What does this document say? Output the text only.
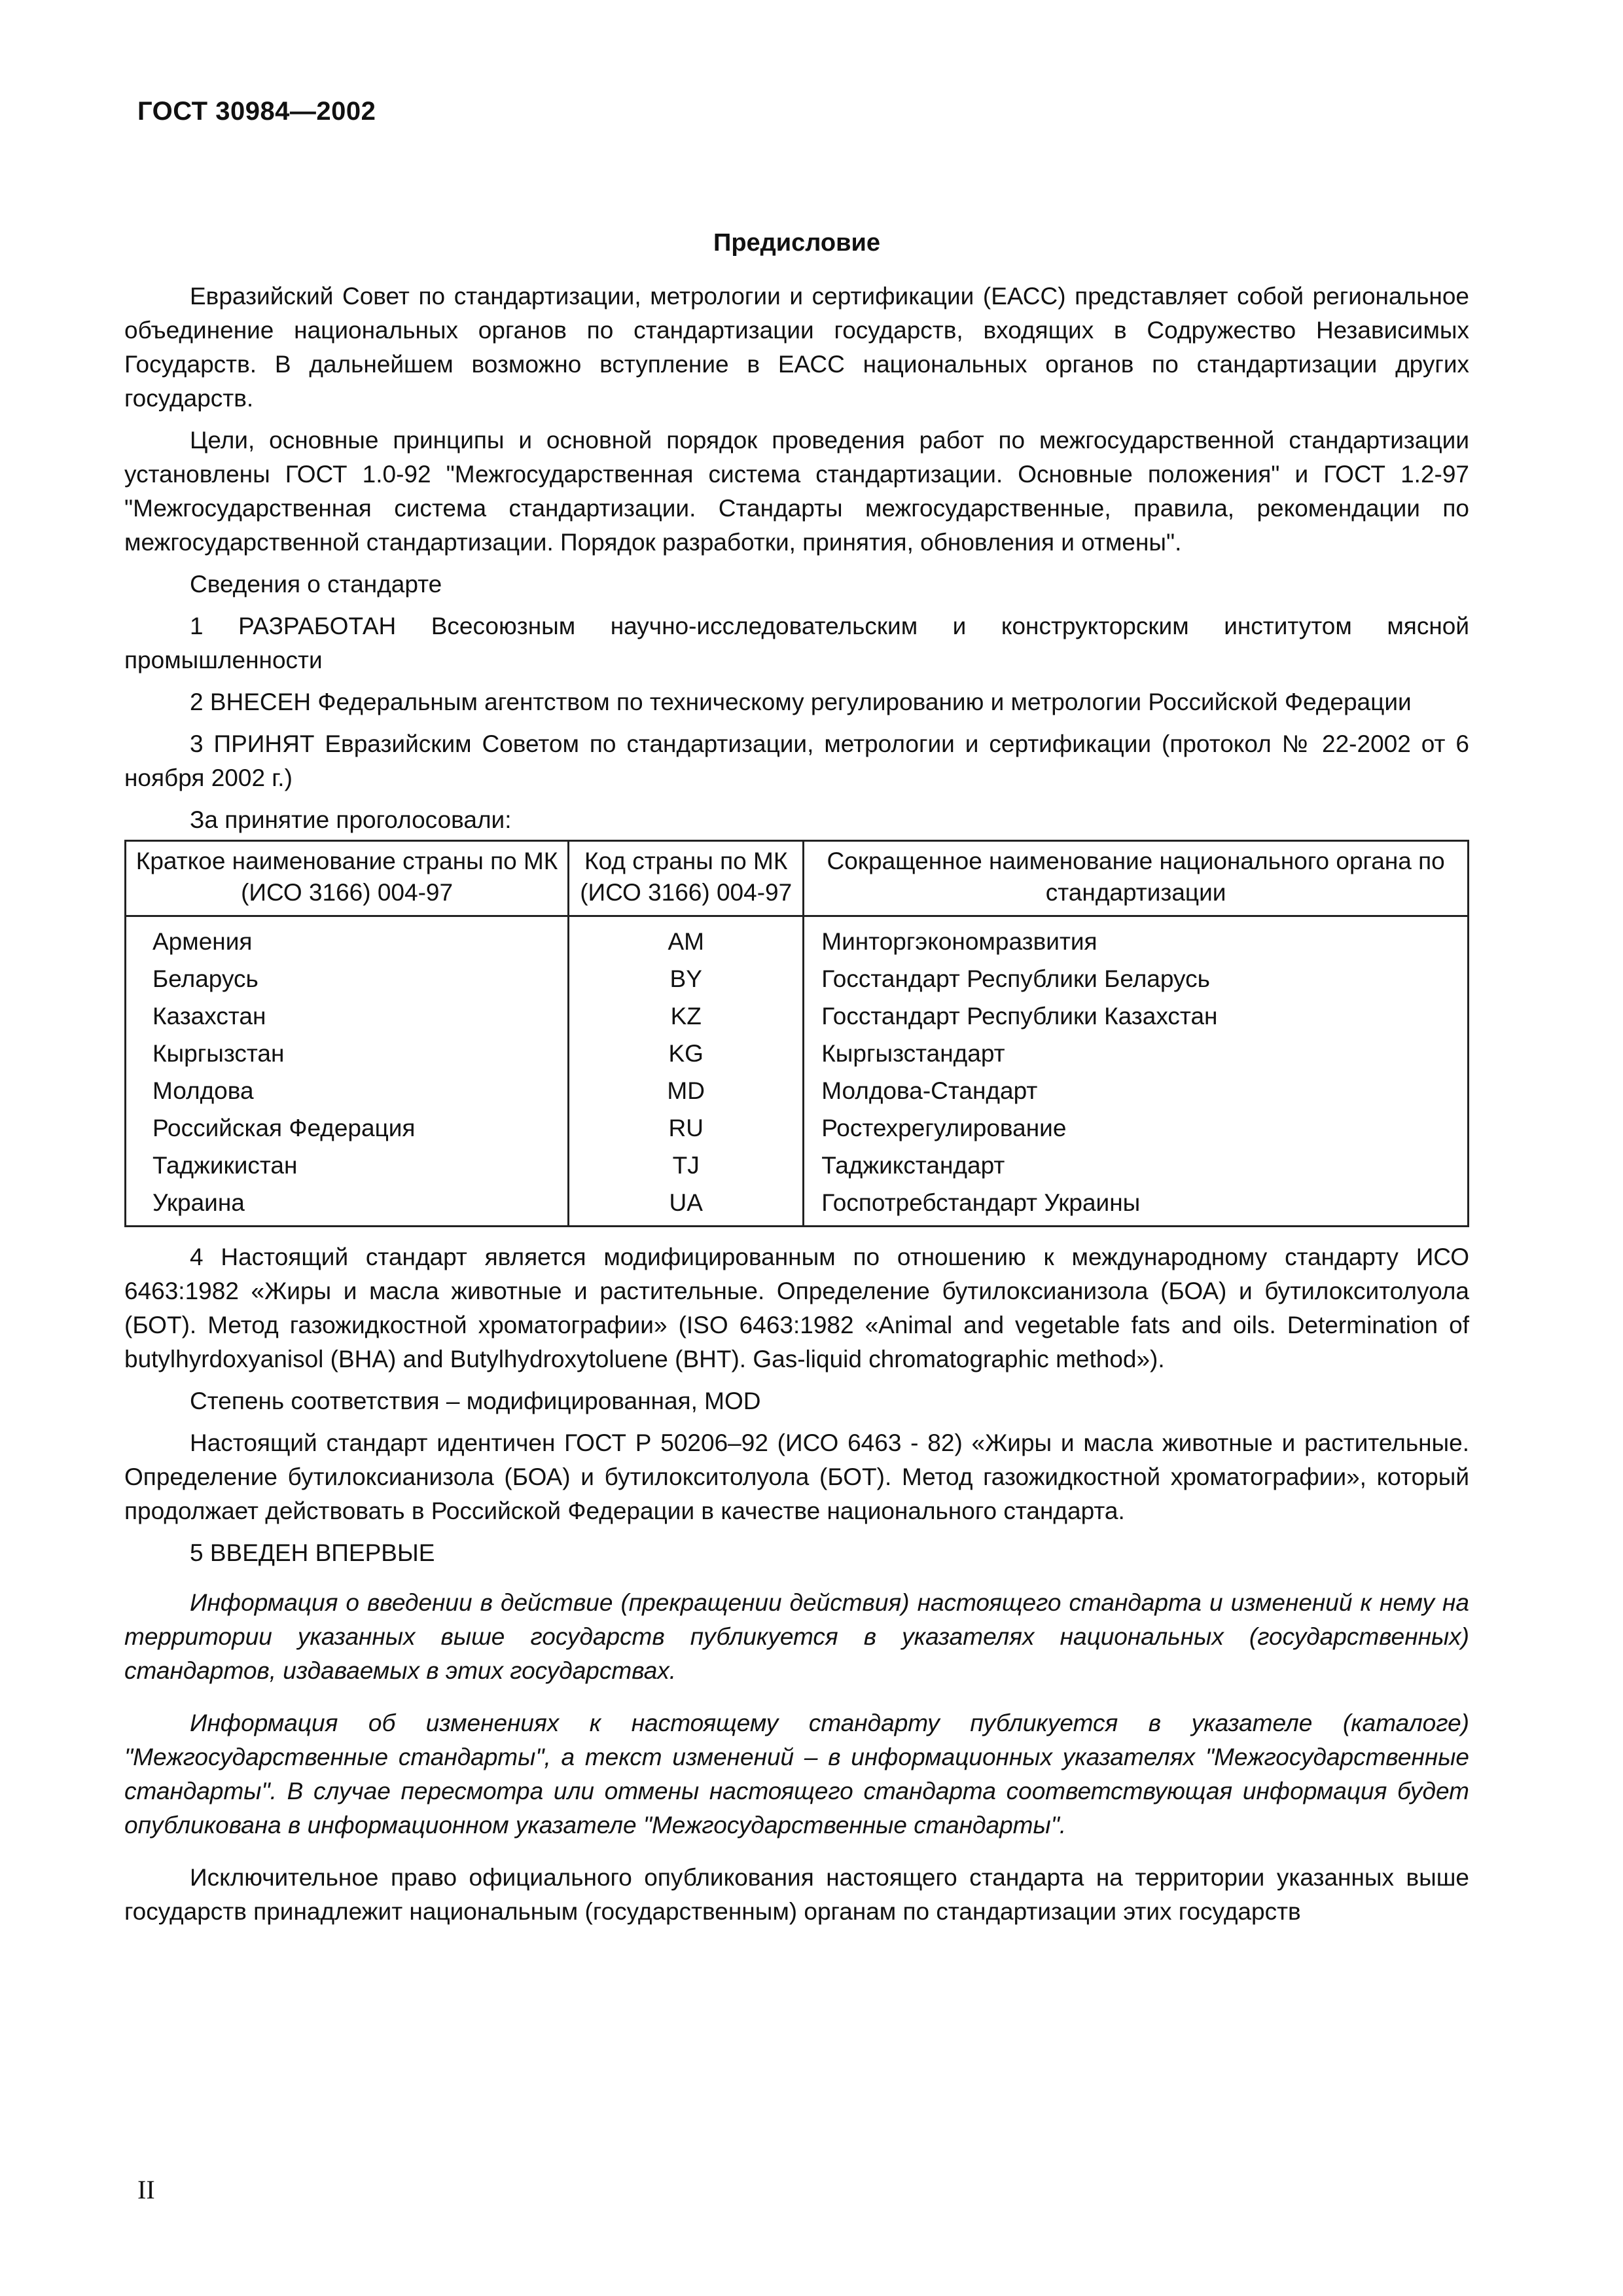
ГОСТ 30984—2002
Предисловие

Евразийский Совет по стандартизации, метрологии и сертификации (ЕАСС) представляет собой региональное объединение национальных органов по стандартизации государств, входящих в Содружество Независимых Государств. В дальнейшем возможно вступление в ЕАСС национальных органов по стандартизации других государств.

Цели, основные принципы и основной порядок проведения работ по межгосударственной стандартизации установлены ГОСТ 1.0-92 "Межгосударственная система стандартизации. Основные положения" и ГОСТ 1.2-97 "Межгосударственная система стандартизации. Стандарты межгосударственные, правила, рекомендации по межгосударственной стандартизации. Порядок разработки, принятия, обновления и отмены".

Сведения о стандарте

1 РАЗРАБОТАН Всесоюзным научно-исследовательским и конструкторским институтом мясной промышленности

2 ВНЕСЕН Федеральным агентством по техническому регулированию и метрологии Российской Федерации

3 ПРИНЯТ Евразийским Советом по стандартизации, метрологии и сертификации (протокол № 22-2002 от 6 ноября 2002 г.)

За принятие проголосовали:

Краткое наименование страны по МК (ИСО 3166) 004-97	Код страны по МК (ИСО 3166) 004-97	Сокращенное наименование национального органа по стандартизации
Армения	AM	Минторгэкономразвития
Беларусь	BY	Госстандарт Республики Беларусь
Казахстан	KZ	Госстандарт Республики Казахстан
Кыргызстан	KG	Кыргызстандарт
Молдова	MD	Молдова-Стандарт
Российская Федерация	RU	Ростехрегулирование
Таджикистан	TJ	Таджикстандарт
Украина	UA	Госпотребстандарт Украины

4 Настоящий стандарт является модифицированным по отношению к международному стандарту ИСО 6463:1982 «Жиры и масла животные и растительные. Определение бутилоксианизола (БОА) и бутилокситолуола (БОТ). Метод газожидкостной хроматографии» (ISO 6463:1982 «Animal and vegetable fats and oils. Determination of butylhyrdoxyanisol (BHA) and Butylhydroxytoluene (BHT). Gas-liquid chromatographic method»).

Степень соответствия – модифицированная, MOD

Настоящий стандарт идентичен ГОСТ Р 50206–92 (ИСО 6463 - 82) «Жиры и масла животные и растительные. Определение бутилоксианизола (БОА) и бутилокситолуола (БОТ). Метод газожидкостной хроматографии», который продолжает действовать в Российской Федерации в качестве национального стандарта.

5 ВВЕДЕН ВПЕРВЫЕ

Информация о введении в действие (прекращении действия) настоящего стандарта и изменений к нему на территории указанных выше государств публикуется в указателях национальных (государственных) стандартов, издаваемых в этих государствах.

Информация об изменениях к настоящему стандарту публикуется в указателе (каталоге) "Межгосударственные стандарты", а текст изменений – в информационных указателях "Межгосударственные стандарты". В случае пересмотра или отмены настоящего стандарта соответствующая информация будет опубликована в информационном указателе "Межгосударственные стандарты".

Исключительное право официального опубликования настоящего стандарта на территории указанных выше государств принадлежит национальным (государственным) органам по стандартизации этих государств

II
